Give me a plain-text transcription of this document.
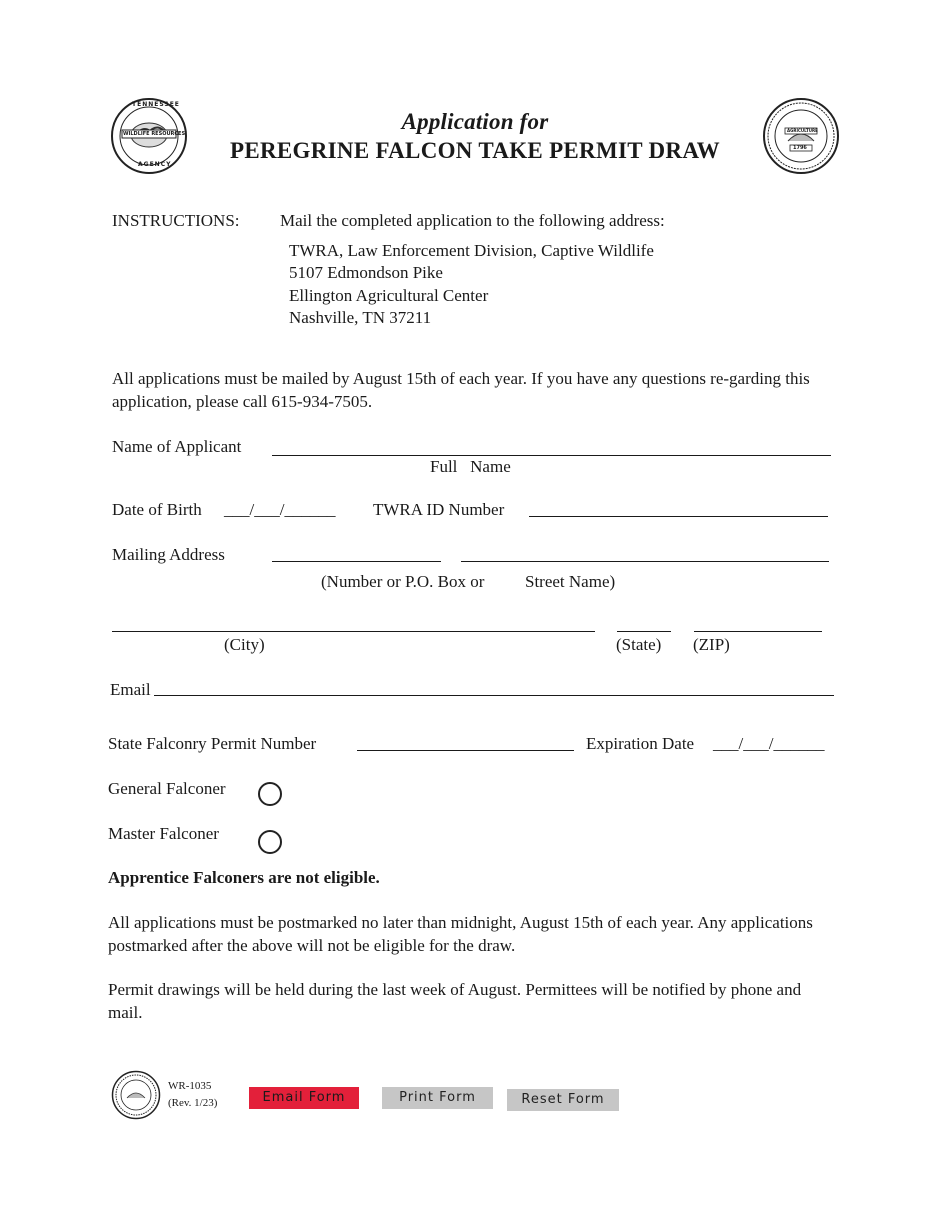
TENNESSEE
WILDLIFE RESOURCES
AGENCY
Application for
PEREGRINE FALCON TAKE PERMIT DRAW
AGRICULTURE
1796
INSTRUCTIONS: Mail the completed application to the following address:
TWRA, Law Enforcement Division, Captive Wildlife
5107 Edmondson Pike
Ellington Agricultural Center
Nashville, TN 37211
All applications must be mailed by August 15th of each year. If you have any questions re-garding this application, please call 615-934-7505.
Name of Applicant
Full   Name
Date of Birth ___/___/______ TWRA ID Number
Mailing Address
(Number or P.O. Box or Street Name)
(City)	(State) (ZIP)
Email
State Falconry Permit Number	Expiration Date ___/___/______
General Falconer
Master Falconer
Apprentice Falconers are not eligible.
All applications must be postmarked no later than midnight, August 15th of each year. Any applications postmarked after the above will not be eligible for the draw.
Permit drawings will be held during the last week of August. Permittees will be notified by phone and mail.
WR-1035
(Rev. 1/23)	Email Form	Print Form	Reset Form
